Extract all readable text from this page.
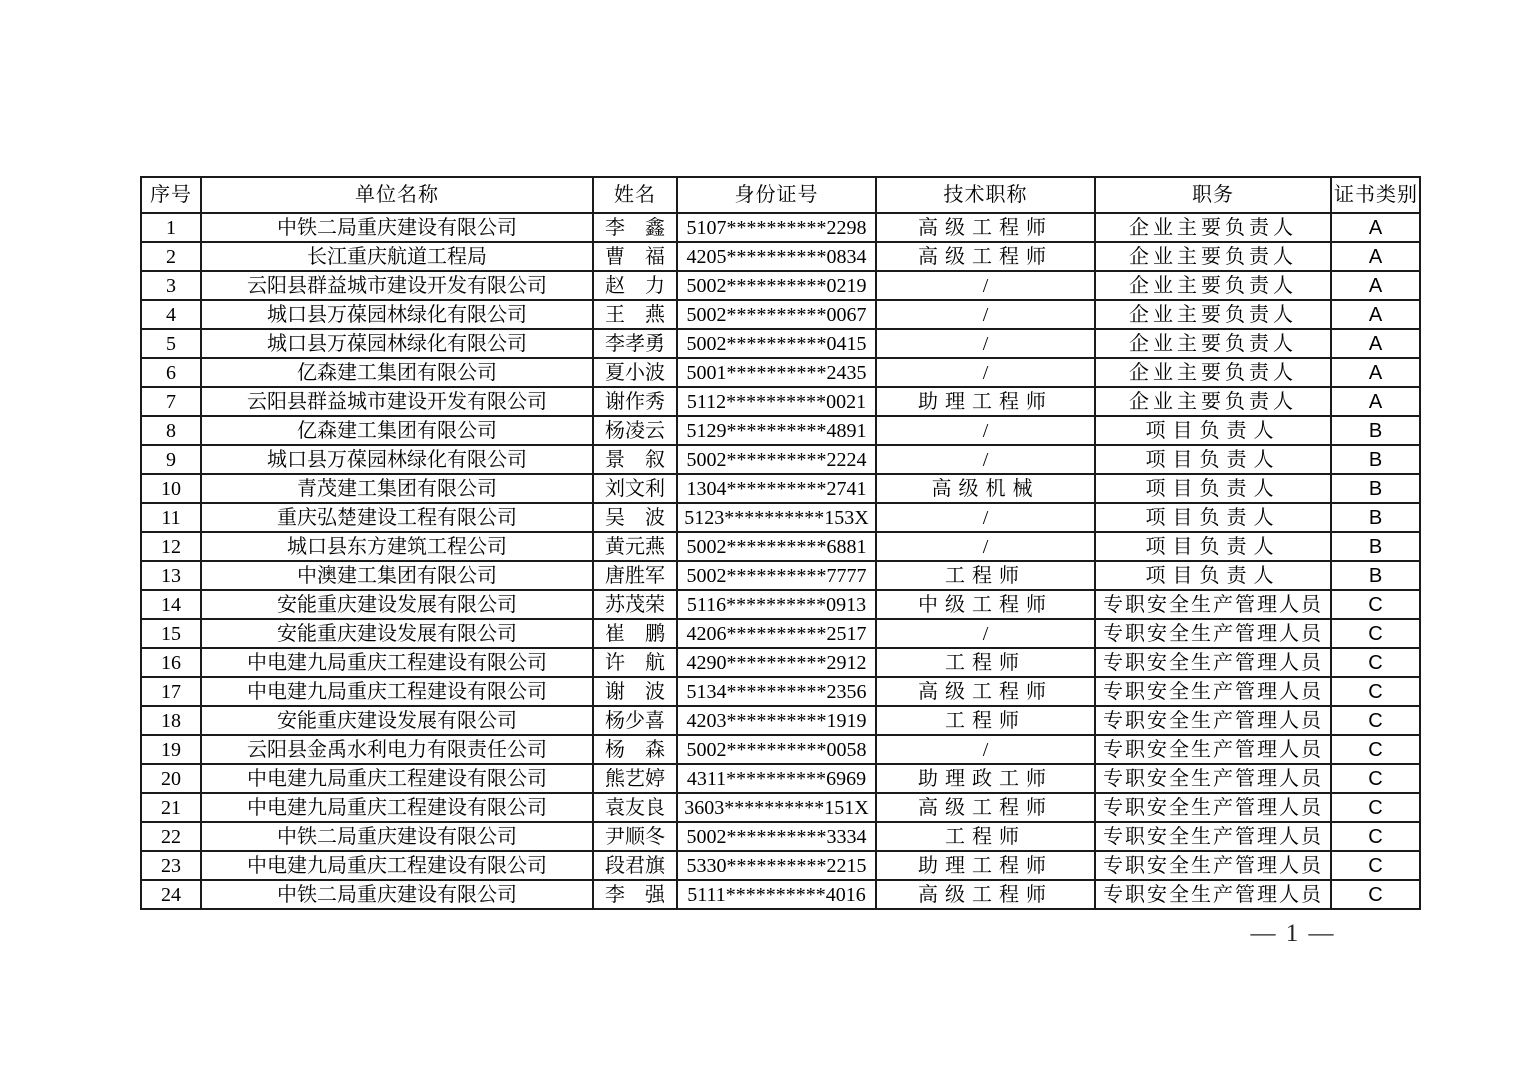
序号	单位名称	姓名	身份证号	技术职称	职务	证书类别
1	中铁二局重庆建设有限公司	李　鑫	5107**********2298	高级工程师	企业主要负责人	A
2	长江重庆航道工程局	曹　福	4205**********0834	高级工程师	企业主要负责人	A
3	云阳县群益城市建设开发有限公司	赵　力	5002**********0219	/	企业主要负责人	A
4	城口县万葆园林绿化有限公司	王　燕	5002**********0067	/	企业主要负责人	A
5	城口县万葆园林绿化有限公司	李孝勇	5002**********0415	/	企业主要负责人	A
6	亿森建工集团有限公司	夏小波	5001**********2435	/	企业主要负责人	A
7	云阳县群益城市建设开发有限公司	谢作秀	5112**********0021	助理工程师	企业主要负责人	A
8	亿森建工集团有限公司	杨凌云	5129**********4891	/	项目负责人	B
9	城口县万葆园林绿化有限公司	景　叙	5002**********2224	/	项目负责人	B
10	青茂建工集团有限公司	刘文利	1304**********2741	高级机械	项目负责人	B
11	重庆弘楚建设工程有限公司	吴　波	5123**********153X	/	项目负责人	B
12	城口县东方建筑工程公司	黄元燕	5002**********6881	/	项目负责人	B
13	中澳建工集团有限公司	唐胜军	5002**********7777	工程师	项目负责人	B
14	安能重庆建设发展有限公司	苏茂荣	5116**********0913	中级工程师	专职安全生产管理人员	C
15	安能重庆建设发展有限公司	崔　鹏	4206**********2517	/	专职安全生产管理人员	C
16	中电建九局重庆工程建设有限公司	许　航	4290**********2912	工程师	专职安全生产管理人员	C
17	中电建九局重庆工程建设有限公司	谢　波	5134**********2356	高级工程师	专职安全生产管理人员	C
18	安能重庆建设发展有限公司	杨少喜	4203**********1919	工程师	专职安全生产管理人员	C
19	云阳县金禹水利电力有限责任公司	杨　森	5002**********0058	/	专职安全生产管理人员	C
20	中电建九局重庆工程建设有限公司	熊艺婷	4311**********6969	助理政工师	专职安全生产管理人员	C
21	中电建九局重庆工程建设有限公司	袁友良	3603**********151X	高级工程师	专职安全生产管理人员	C
22	中铁二局重庆建设有限公司	尹顺冬	5002**********3334	工程师	专职安全生产管理人员	C
23	中电建九局重庆工程建设有限公司	段君旗	5330**********2215	助理工程师	专职安全生产管理人员	C
24	中铁二局重庆建设有限公司	李　强	5111**********4016	高级工程师	专职安全生产管理人员	C
— 1 —
